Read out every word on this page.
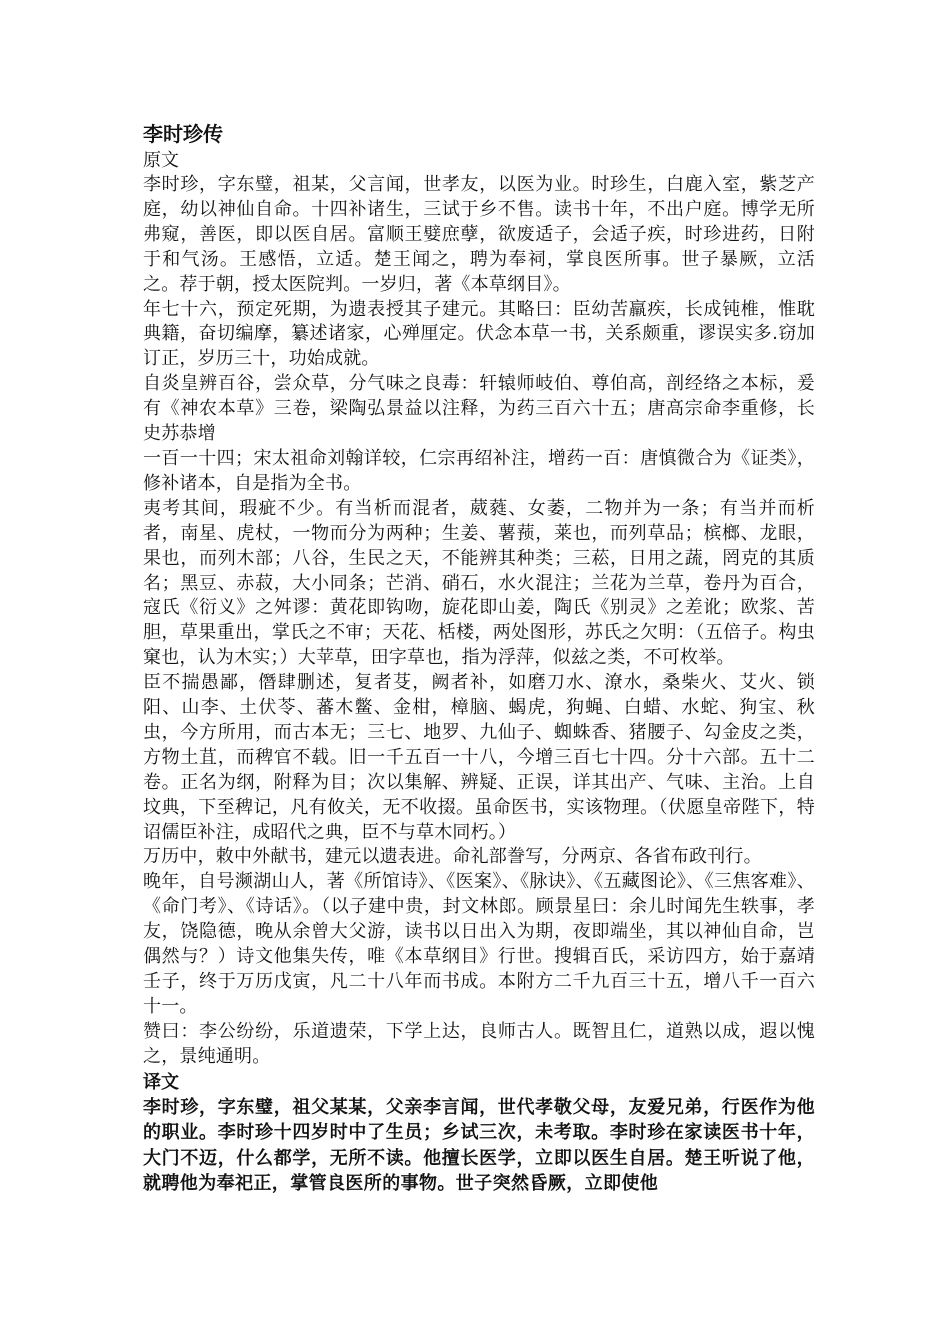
李时珍传
原文

李时珍，字东璧，祖某，父言闻，世孝友，以医为业。时珍生，白鹿入室，紫芝产庭，幼以神仙自命。十四补诸生，三试于乡不售。读书十年，不出户庭。博学无所弗窥，善医，即以医自居。富顺王嬖庶孽，欲废适子，会适子疾，时珍进药，日附于和气汤。王感悟，立适。楚王闻之，聘为奉祠，掌良医所事。世子暴厥，立活之。荐于朝，授太医院判。一岁归，著《本草纲目》。

年七十六，预定死期，为遗表授其子建元。其略曰：臣幼苦羸疾，长成钝椎，惟耽典籍，奋切编摩，纂述诸家，心殚厘定。伏念本草一书，关系颇重，谬误实多.窃加订正，岁历三十，功始成就。

自炎皇辨百谷，尝众草，分气味之良毒：轩辕师岐伯、尊伯高，剖经络之本标，爰有《神农本草》三卷，梁陶弘景益以注释，为药三百六十五；唐高宗命李重修，长史苏恭增

一百一十四；宋太祖命刘翰详较，仁宗再绍补注，增药一百：唐慎微合为《证类》，修补诸本，自是指为全书。

夷考其间，瑕疵不少。有当析而混者，葳蕤、女萎，二物并为一条；有当并而析者，南星、虎杖，一物而分为两种；生姜、薯蓣，莱也，而列草品；槟榔、龙眼，果也，而列木部；八谷，生民之天，不能辨其种类；三菘，日用之蔬，罔克的其质名；黑豆、赤菽，大小同条；芒消、硝石，水火混注；兰花为兰草，卷丹为百合，寇氏《衍义》之舛谬：黄花即钩吻，旋花即山姜，陶氏《别灵》之差讹；欧浆、苦胆，草果重出，掌氏之不审；天花、栝楼，两处图形，苏氏之欠明：（五倍子。构虫窠也，认为木实；）大苹草，田字草也，指为浮萍，似兹之类，不可枚举。

臣不揣愚鄙，僭肆删述，复者芟，阙者补，如磨刀水、潦水，桑柴火、艾火、锁阳、山李、土伏苓、蕃木鳖、金柑，樟脑、蝎虎，狗蝇、白蜡、水蛇、狗宝、秋虫，今方所用，而古本无；三七、地罗、九仙子、蜘蛛香、猪腰子、勾金皮之类，方物土苴，而稗官不载。旧一千五百一十八，今增三百七十四。分十六部。五十二卷。正名为纲，附释为目；次以集解、辨疑、正误，详其出产、气味、主治。上自坟典，下至稗记，凡有攸关，无不收掇。虽命医书，实该物理。（伏愿皇帝陛下，特诏儒臣补注，成昭代之典，臣不与草木同朽。）

万历中，敕中外献书，建元以遗表进。命礼部誊写，分两京、各省布政刊行。

晚年，自号濒湖山人，著《所馆诗》、《医案》、《脉诀》、《五藏图论》、《三焦客难》、《命门考》、《诗话》。（以子建中贵，封文林郎。顾景星曰：余儿时闻先生轶事，孝友，饶隐德，晚从余曾大父游，读书以日出入为期，夜即端坐，其以神仙自命，岂偶然与？）诗文他集失传，唯《本草纲目》行世。搜辑百氏，采访四方，始于嘉靖壬子，终于万历戊寅，凡二十八年而书成。本附方二千九百三十五，增八千一百六十一。

赞曰：李公纷纷，乐道遗荣，下学上达，良师古人。既智且仁，道熟以成，遐以愧之，景纯通明。

译文

李时珍，字东璧，祖父某某，父亲李言闻，世代孝敬父母，友爱兄弟，行医作为他的职业。李时珍十四岁时中了生员；乡试三次，未考取。李时珍在家读医书十年，大门不迈，什么都学，无所不读。他擅长医学，立即以医生自居。楚王听说了他，就聘他为奉祀正，掌管良医所的事物。世子突然昏厥，立即使他
